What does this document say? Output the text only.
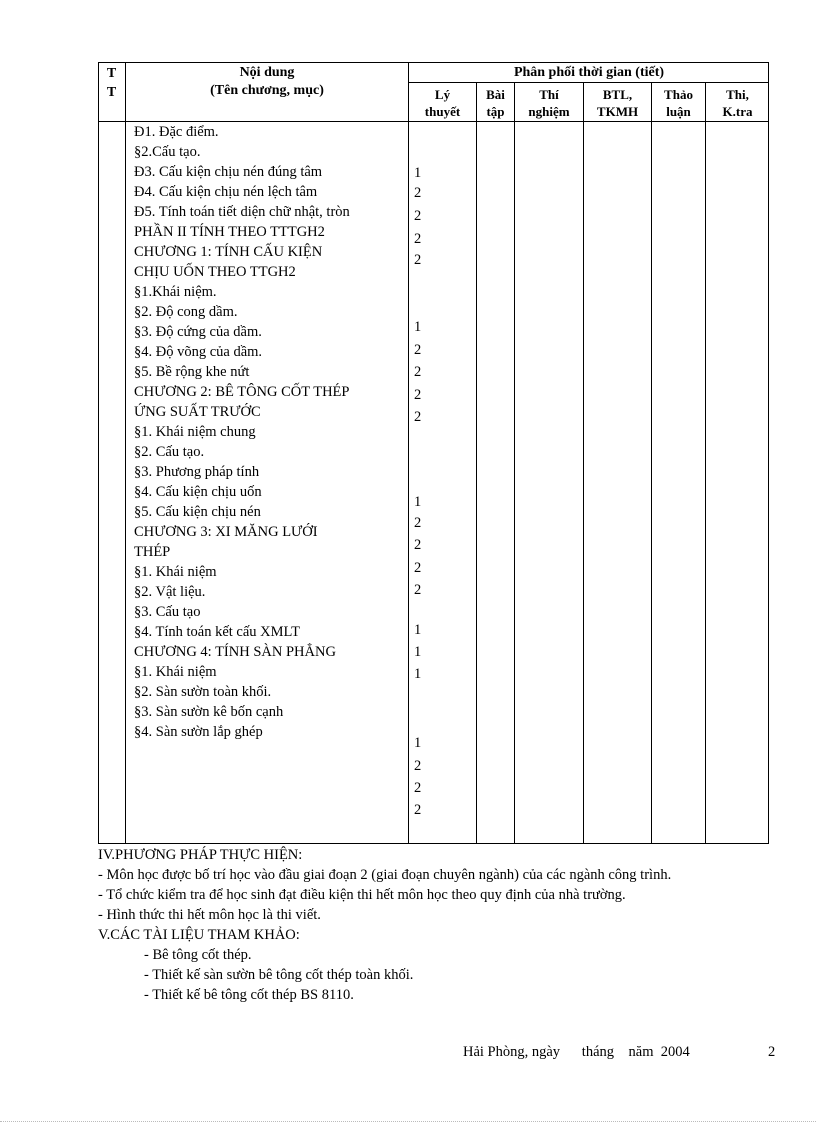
T T
Nội dung
(Tên chương, mục)
Phân phối thời gian (tiết)
Lý
thuyết
Bài
tập
Thí
nghiệm
BTL,
TKMH
Thảo
luận
Thi,
K.tra
Đ1. Đặc điểm.
§2.Cấu tạo.
Đ3. Cấu kiện chịu nén đúng tâm
Đ4. Cấu kiện chịu nén lệch tâm
Đ5. Tính toán tiết diện chữ nhật, tròn
PHẦN II TÍNH THEO TTTGH2
CHƯƠNG 1: TÍNH CẤU KIỆN
CHỊU UỐN THEO TTGH2
§1.Khái niệm.
§2. Độ cong dầm.
§3. Độ cứng của dầm.
§4. Độ võng của dầm.
§5. Bề rộng khe nứt
CHƯƠNG 2: BÊ TÔNG CỐT THÉP
ỨNG SUẤT TRƯỚC
§1. Khái niệm chung
§2. Cấu tạo.
§3. Phương pháp tính
§4. Cấu kiện chịu uốn
§5. Cấu kiện chịu nén
CHƯƠNG 3: XI MĂNG LƯỚI
THÉP
§1. Khái niệm
§2. Vật liệu.
§3. Cấu tạo
§4. Tính toán kết cấu XMLT
CHƯƠNG 4: TÍNH SÀN PHẲNG
§1. Khái niệm
§2. Sàn sườn toàn khối.
§3. Sàn sườn kê bốn cạnh
§4. Sàn sườn lắp ghép
1
2
2
2
2
1
2
2
2
2
1
2
2
2
2
1
1
1
1
2
2
2
IV.PHƯƠNG PHÁP THỰC HIỆN:
- Môn học được bố trí học vào đầu giai đoạn 2 (giai đoạn chuyên ngành) của các ngành công trình.
- Tổ chức kiểm tra để học sinh đạt điều kiện thi hết môn học theo quy định của nhà trường.
- Hình thức thi hết môn học là thi viết.
V.CÁC TÀI LIỆU THAM KHẢO:
- Bê tông cốt thép.
- Thiết kế sàn sườn bê tông cốt thép toàn khối.
- Thiết kế bê tông cốt thép BS 8110.
Hải Phòng, ngày      tháng    năm  2004	2
